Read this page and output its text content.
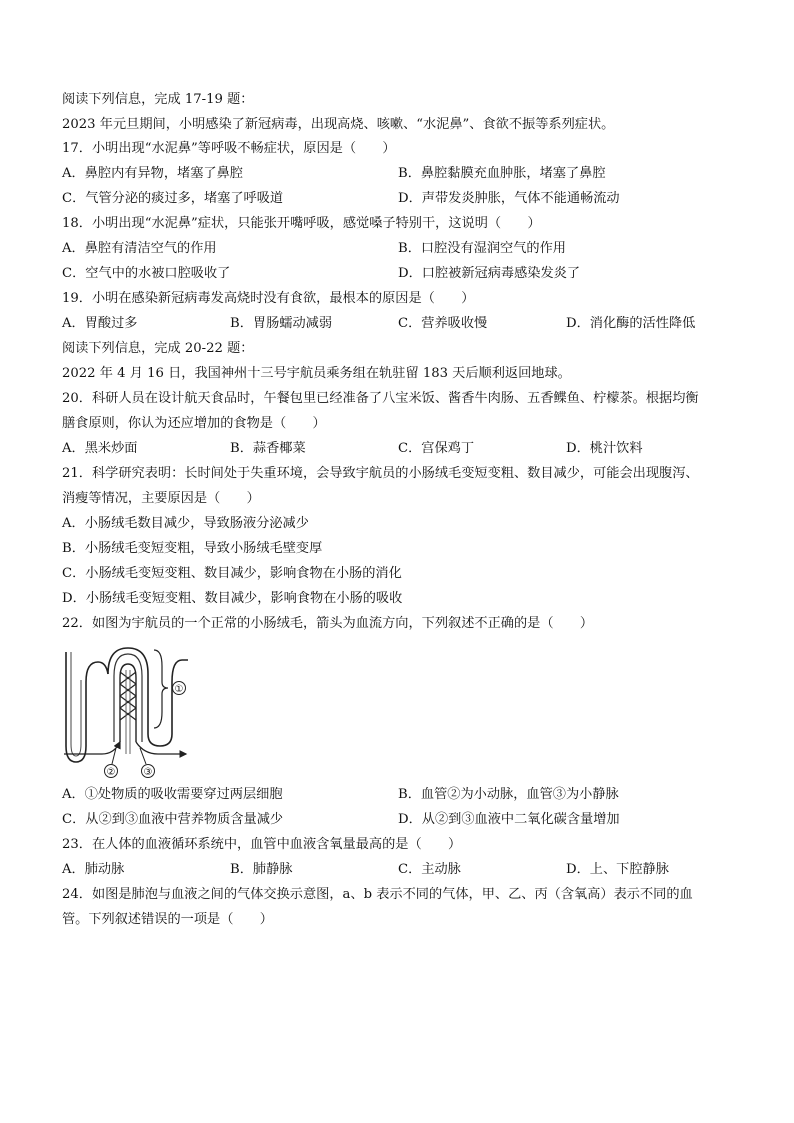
阅读下列信息，完成 17-19 题：
2023 年元旦期间，小明感染了新冠病毒，出现高烧、咳嗽、“水泥鼻”、食欲不振等系列症状。
17．小明出现“水泥鼻”等呼吸不畅症状，原因是（　　）
A．鼻腔内有异物，堵塞了鼻腔	B．鼻腔黏膜充血肿胀，堵塞了鼻腔
C．气管分泌的痰过多，堵塞了呼吸道	D．声带发炎肿胀，气体不能通畅流动
18．小明出现“水泥鼻”症状，只能张开嘴呼吸，感觉嗓子特别干，这说明（　　）
A．鼻腔有清洁空气的作用	B．口腔没有湿润空气的作用
C．空气中的水被口腔吸收了	D．口腔被新冠病毒感染发炎了
19．小明在感染新冠病毒发高烧时没有食欲，最根本的原因是（　　）
A．胃酸过多	B．胃肠蠕动减弱	C．营养吸收慢	D．消化酶的活性降低
阅读下列信息，完成 20-22 题：
2022 年 4 月 16 日，我国神州十三号宇航员乘务组在轨驻留 183 天后顺利返回地球。
20．科研人员在设计航天食品时，午餐包里已经准备了八宝米饭、酱香牛肉肠、五香鲽鱼、柠檬茶。根据均衡
膳食原则，你认为还应增加的食物是（　　）
A．黑米炒面	B．蒜香椰菜	C．宫保鸡丁	D．桃汁饮料
21．科学研究表明：长时间处于失重环境，会导致宇航员的小肠绒毛变短变粗、数目减少，可能会出现腹泻、
消瘦等情况，主要原因是（　　）
A．小肠绒毛数目减少，导致肠液分泌减少
B．小肠绒毛变短变粗，导致小肠绒毛壁变厚
C．小肠绒毛变短变粗、数目减少，影响食物在小肠的消化
D．小肠绒毛变短变粗、数目减少，影响食物在小肠的吸收
22．如图为宇航员的一个正常的小肠绒毛，箭头为血流方向，下列叙述不正确的是（　　）
①
②	③
A．①处物质的吸收需要穿过两层细胞	B．血管②为小动脉，血管③为小静脉
C．从②到③血液中营养物质含量减少	D．从②到③血液中二氧化碳含量增加
23．在人体的血液循环系统中，血管中血液含氧量最高的是（　　）
A．肺动脉	B．肺静脉	C．主动脉	D．上、下腔静脉
24．如图是肺泡与血液之间的气体交换示意图，a、b 表示不同的气体，甲、乙、丙（含氧高）表示不同的血
管。下列叙述错误的一项是（　　）
